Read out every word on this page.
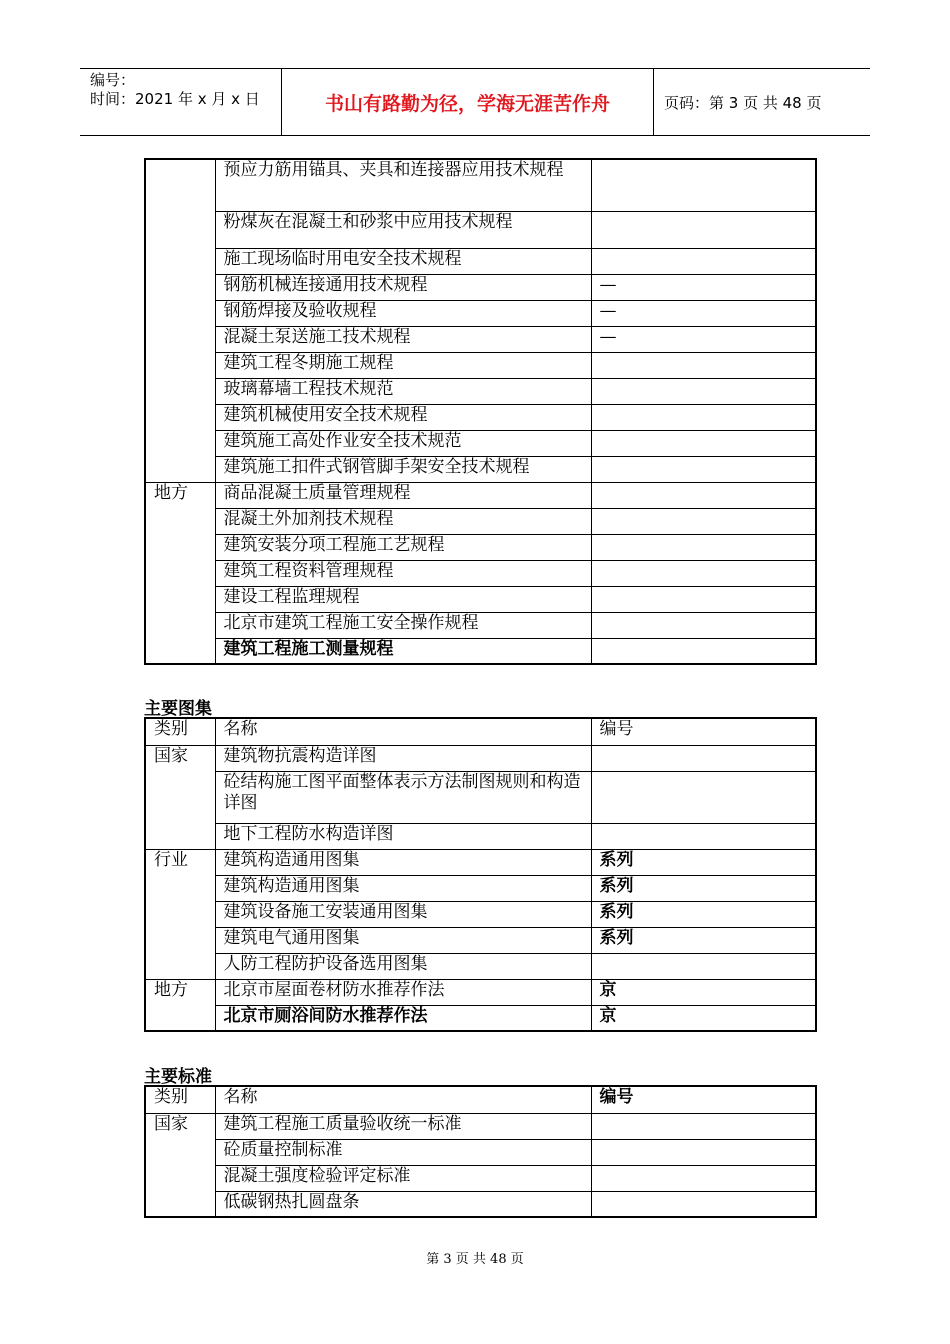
编号：
时间：2021 年 x 月 x 日	书山有路勤为径，学海无涯苦作舟	页码：第 3 页 共 48 页
	预应力筋用锚具、夹具和连接器应用技术规程	
	粉煤灰在混凝土和砂浆中应用技术规程	
	施工现场临时用电安全技术规程	
	钢筋机械连接通用技术规程	—
	钢筋焊接及验收规程	—
	混凝土泵送施工技术规程	—
	建筑工程冬期施工规程	
	玻璃幕墙工程技术规范	
	建筑机械使用安全技术规程	
	建筑施工高处作业安全技术规范	
	建筑施工扣件式钢管脚手架安全技术规程	
地方	商品混凝土质量管理规程	
	混凝土外加剂技术规程	
	建筑安装分项工程施工艺规程	
	建筑工程资料管理规程	
	建设工程监理规程	
	北京市建筑工程施工安全操作规程	
	建筑工程施工测量规程	
主要图集
类别	名称	编号
国家	建筑物抗震构造详图	
	砼结构施工图平面整体表示方法制图规则和构造详图	
	地下工程防水构造详图	
行业	建筑构造通用图集	系列
	建筑构造通用图集	系列
	建筑设备施工安装通用图集	系列
	建筑电气通用图集	系列
	人防工程防护设备选用图集	
地方	北京市屋面卷材防水推荐作法	京
	北京市厕浴间防水推荐作法	京
主要标准
类别	名称	编号
国家	建筑工程施工质量验收统一标准	
	砼质量控制标准	
	混凝土强度检验评定标准	
	低碳钢热扎圆盘条	
第 3 页 共 48 页
